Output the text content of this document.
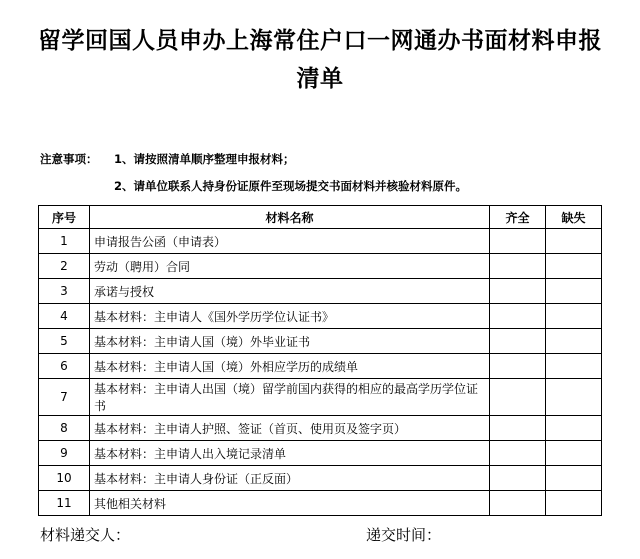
留学回国人员申办上海常住户口一网通办书面材料申报清单
注意事项： 1、请按照清单顺序整理申报材料；
2、请单位联系人持身份证原件至现场提交书面材料并核验材料原件。
序号	材料名称	齐全	缺失
1	申请报告公函（申请表）		
2	劳动（聘用）合同		
3	承诺与授权		
4	基本材料：主申请人《国外学历学位认证书》		
5	基本材料：主申请人国（境）外毕业证书		
6	基本材料：主申请人国（境）外相应学历的成绩单		
7	基本材料：主申请人出国（境）留学前国内获得的相应的最高学历学位证书		
8	基本材料：主申请人护照、签证（首页、使用页及签字页）		
9	基本材料：主申请人出入境记录清单		
10	基本材料：主申请人身份证（正反面）		
11	其他相关材料		
材料递交人：	递交时间：
